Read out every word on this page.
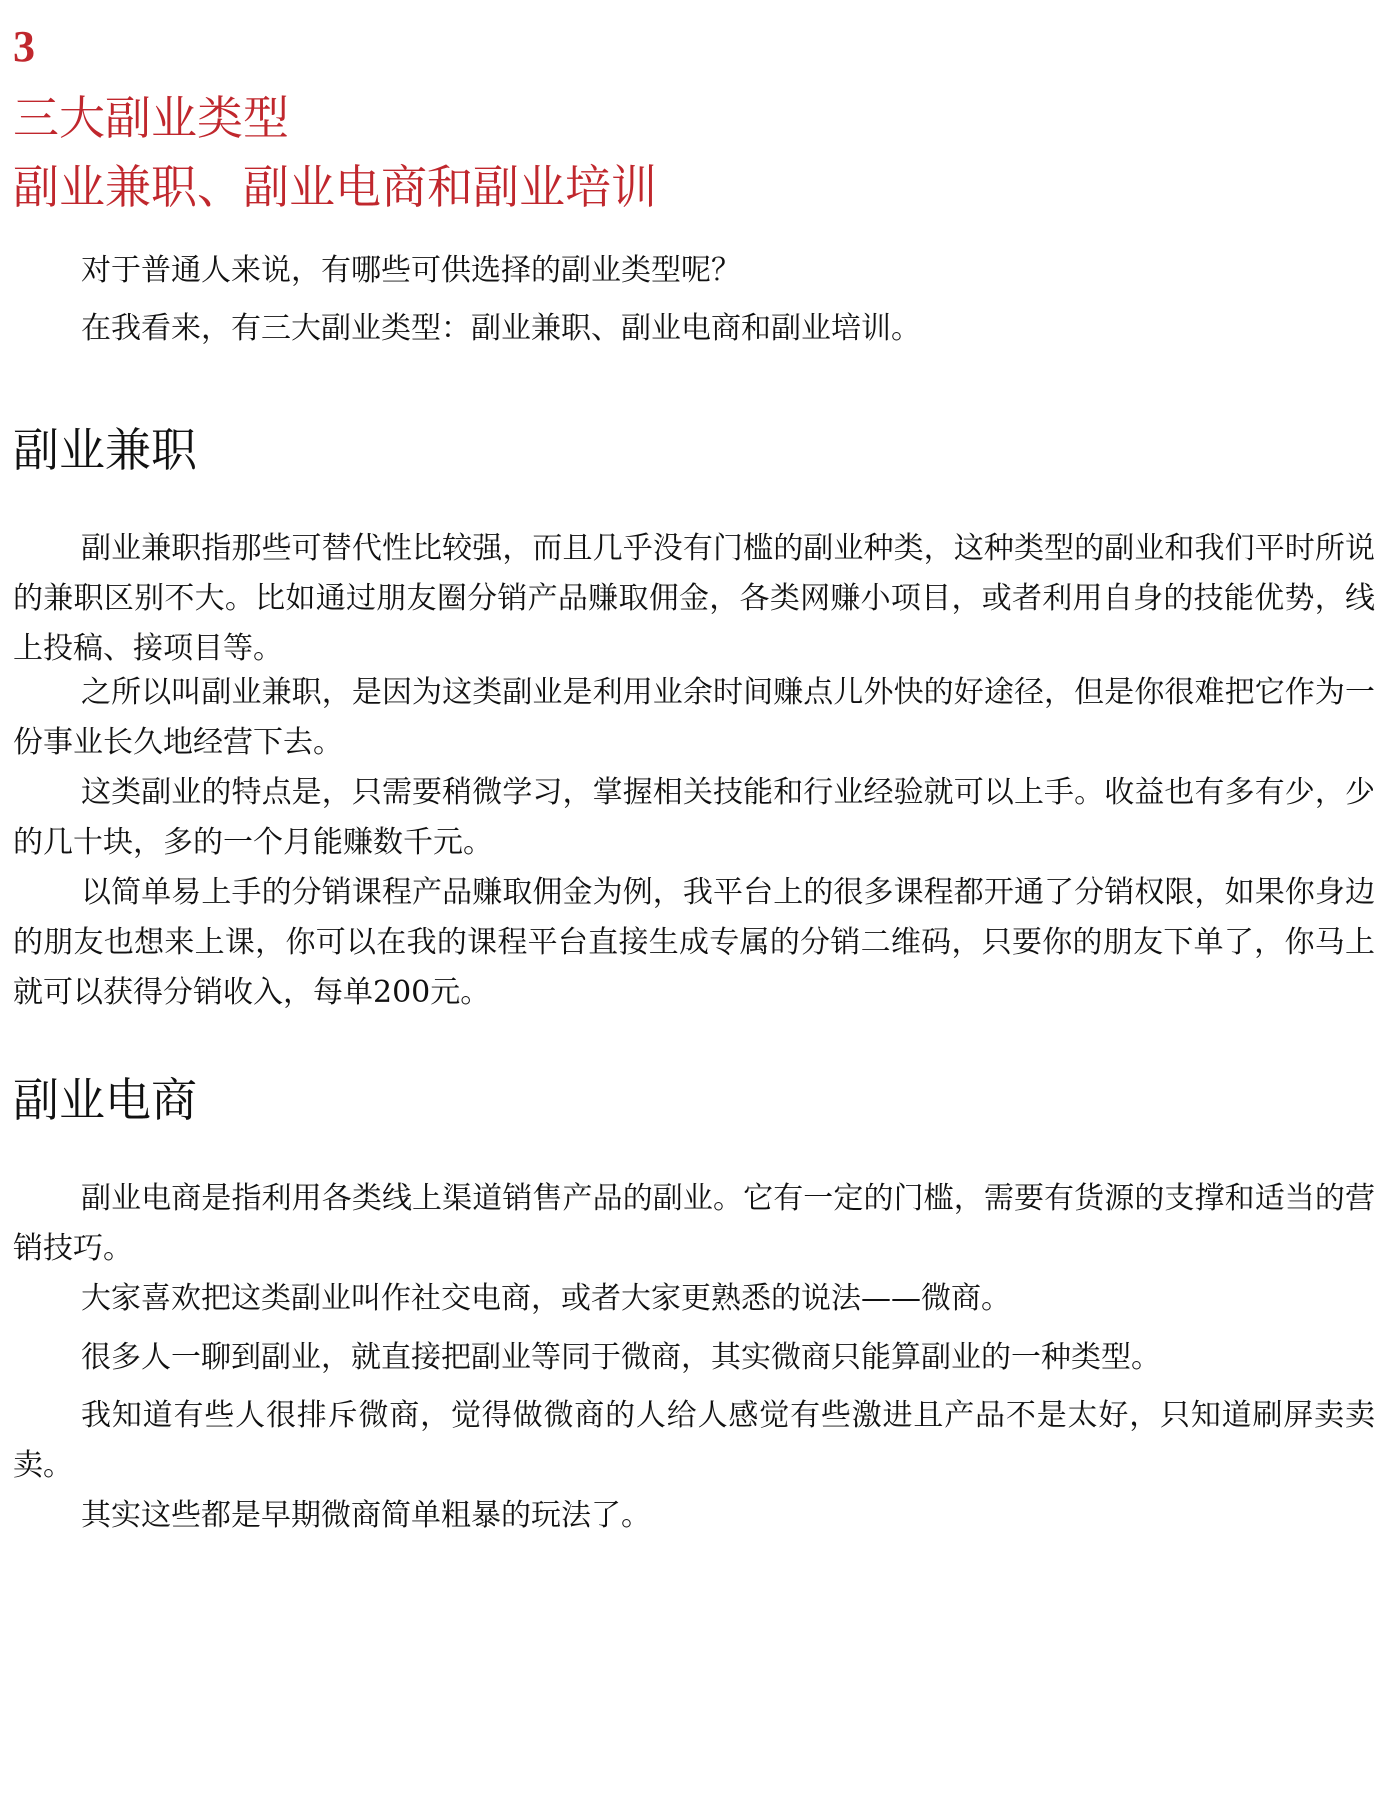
3
三大副业类型
副业兼职、副业电商和副业培训

对于普通人来说，有哪些可供选择的副业类型呢？

在我看来，有三大副业类型：副业兼职、副业电商和副业培训。

副业兼职

副业兼职指那些可替代性比较强，而且几乎没有门槛的副业种类，这种类型的副业和我们平时所说的兼职区别不大。比如通过朋友圈分销产品赚取佣金，各类网赚小项目，或者利用自身的技能优势，线上投稿、接项目等。

之所以叫副业兼职，是因为这类副业是利用业余时间赚点儿外快的好途径，但是你很难把它作为一份事业长久地经营下去。

这类副业的特点是，只需要稍微学习，掌握相关技能和行业经验就可以上手。收益也有多有少，少的几十块，多的一个月能赚数千元。

以简单易上手的分销课程产品赚取佣金为例，我平台上的很多课程都开通了分销权限，如果你身边的朋友也想来上课，你可以在我的课程平台直接生成专属的分销二维码，只要你的朋友下单了，你马上就可以获得分销收入，每单200元。

副业电商

副业电商是指利用各类线上渠道销售产品的副业。它有一定的门槛，需要有货源的支撑和适当的营销技巧。

大家喜欢把这类副业叫作社交电商，或者大家更熟悉的说法——微商。

很多人一聊到副业，就直接把副业等同于微商，其实微商只能算副业的一种类型。

我知道有些人很排斥微商，觉得做微商的人给人感觉有些激进且产品不是太好，只知道刷屏卖卖卖。

其实这些都是早期微商简单粗暴的玩法了。
